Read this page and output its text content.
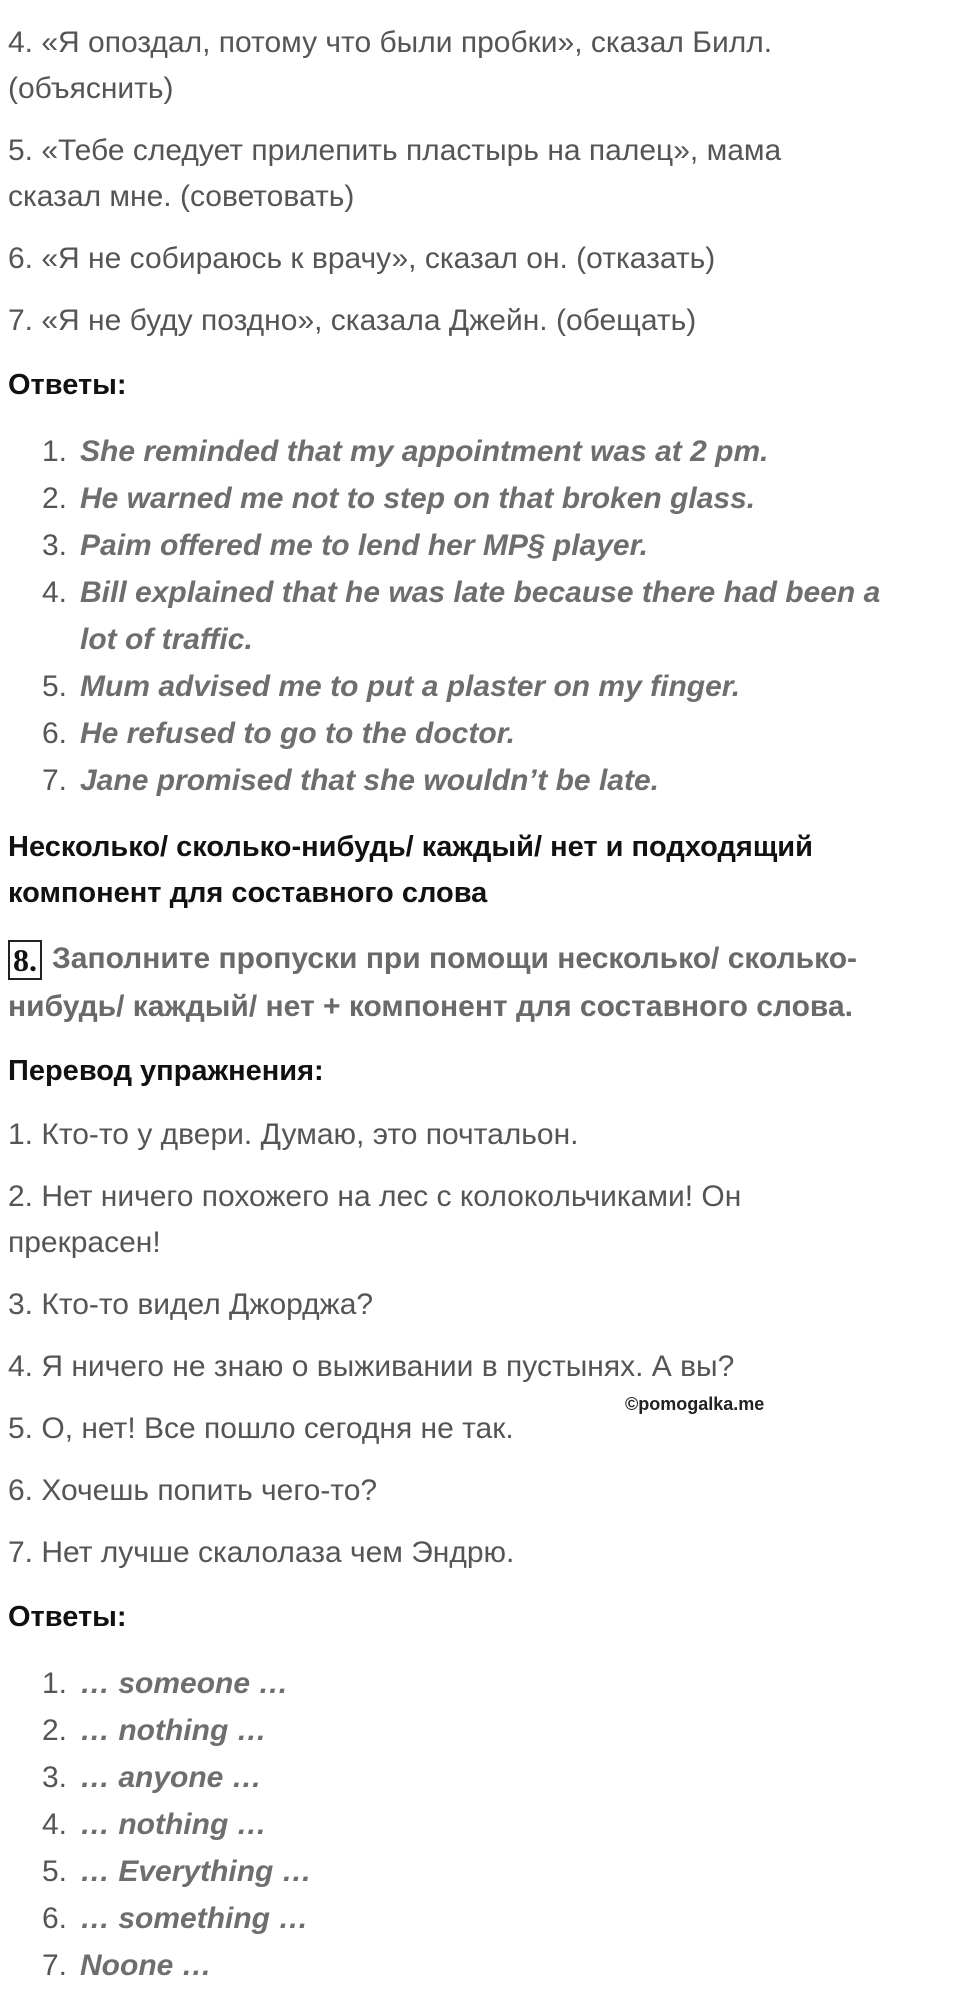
4. «Я опоздал, потому что были пробки», сказал Билл.

(объяснить)

5. «Тебе следует прилепить пластырь на палец», мама

сказал мне. (советовать)

6. «Я не собираюсь к врачу», сказал он. (отказать)

7. «Я не буду поздно», сказала Джейн. (обещать)

Ответы:

1. She reminded that my appointment was at 2 pm.
2. He warned me not to step on that broken glass.
3. Paim offered me to lend her MP§ player.
4. Bill explained that he was late because there had been a
lot of traffic.
5. Mum advised me to put a plaster on my finger.
6. He refused to go to the doctor.
7. Jane promised that she wouldn’t be late.

Несколько/ сколько-нибудь/ каждый/ нет и подходящий

компонент для составного слова

8. Заполните пропуски при помощи несколько/ сколько-

нибудь/ каждый/ нет + компонент для составного слова.

Перевод упражнения:

1. Кто-то у двери. Думаю, это почтальон.

2. Нет ничего похожего на лес с колокольчиками! Он

прекрасен!

3. Кто-то видел Джорджа?

4. Я ничего не знаю о выживании в пустынях. А вы?

5. О, нет! Все пошло сегодня не так.

6. Хочешь попить чего-то?

7. Нет лучше скалолаза чем Эндрю.

©pomogalka.me

Ответы:

1. … someone …
2. … nothing …
3. … anyone …
4. … nothing …
5. … Everything …
6. … something …
7. Noone …
